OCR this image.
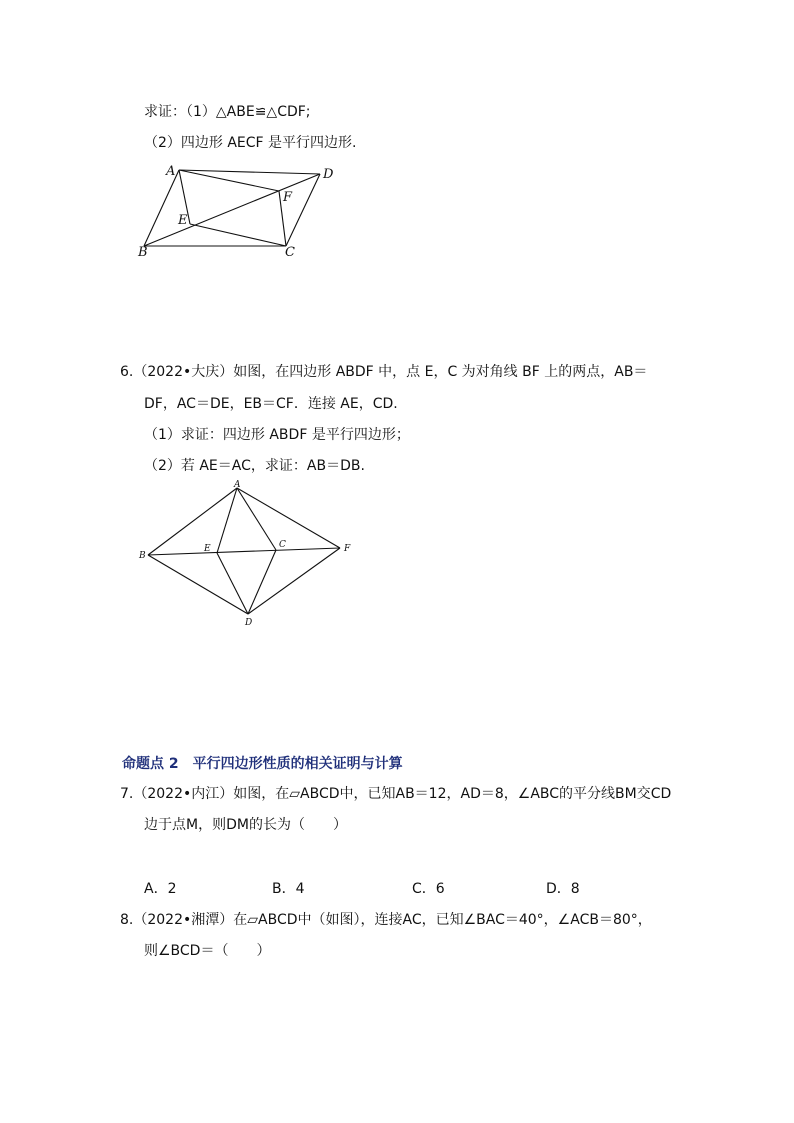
求证：（1）△ABE≌△CDF;
（2）四边形 AECF 是平行四边形.
A	D
F
E
B	C
6.（2022•大庆）如图，在四边形 ABDF 中，点 E，C 为对角线 BF 上的两点，AB＝
DF，AC＝DE，EB＝CF．连接 AE，CD.
（1）求证：四边形 ABDF 是平行四边形；
（2）若 AE＝AC，求证：AB＝DB.
A
B
E	C	F
D
命题点 2　平行四边形性质的相关证明与计算
7.（2022•内江）如图，在▱ABCD中，已知AB＝12，AD＝8，∠ABC的平分线BM交CD
边于点M，则DM的长为（　　）
A．2	B．4	C．6	D．8
8.（2022•湘潭）在▱ABCD中（如图），连接AC，已知∠BAC＝40°，∠ACB＝80°，
则∠BCD＝（　　）
